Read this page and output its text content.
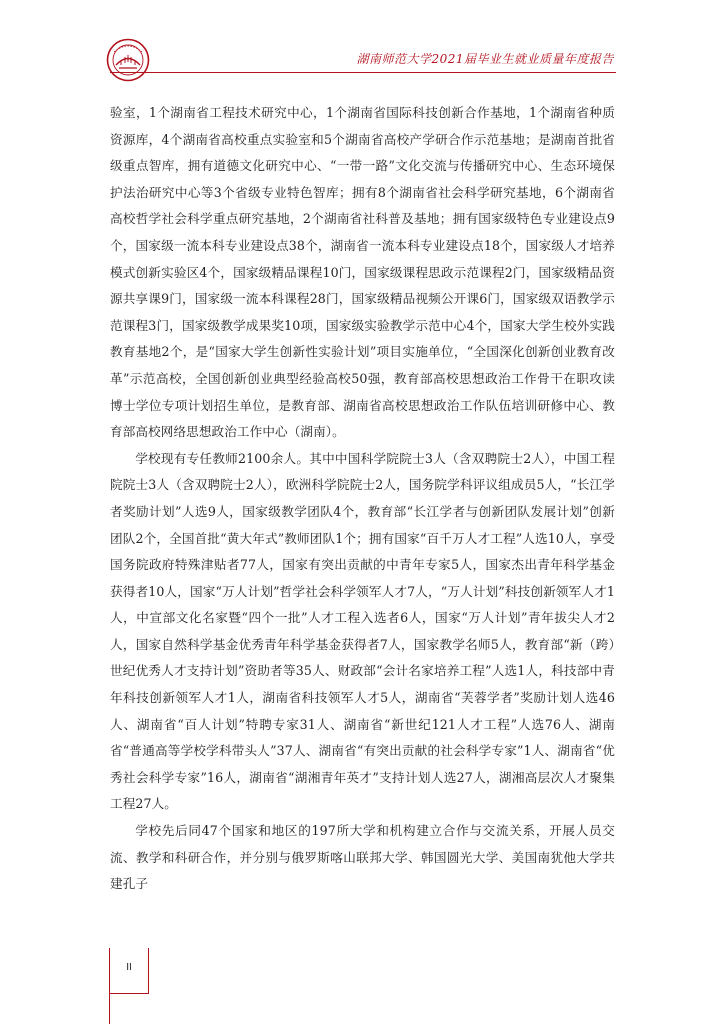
湖南师范大学2021届毕业生就业质量年度报告

验室，1个湖南省工程技术研究中心，1个湖南省国际科技创新合作基地，1个湖南省种质资源库，4个湖南省高校重点实验室和5个湖南省高校产学研合作示范基地；是湖南首批省级重点智库，拥有道德文化研究中心、“一带一路”文化交流与传播研究中心、生态环境保护法治研究中心等3个省级专业特色智库；拥有8个湖南省社会科学研究基地，6个湖南省高校哲学社会科学重点研究基地，2个湖南省社科普及基地；拥有国家级特色专业建设点9个，国家级一流本科专业建设点38个，湖南省一流本科专业建设点18个，国家级人才培养模式创新实验区4个，国家级精品课程10门，国家级课程思政示范课程2门，国家级精品资源共享课9门，国家级一流本科课程28门，国家级精品视频公开课6门，国家级双语教学示范课程3门，国家级教学成果奖10项，国家级实验教学示范中心4个，国家大学生校外实践教育基地2个，是“国家大学生创新性实验计划”项目实施单位，“全国深化创新创业教育改革”示范高校，全国创新创业典型经验高校50强，教育部高校思想政治工作骨干在职攻读博士学位专项计划招生单位，是教育部、湖南省高校思想政治工作队伍培训研修中心、教育部高校网络思想政治工作中心（湖南）。

学校现有专任教师2100余人。其中中国科学院院士3人（含双聘院士2人），中国工程院院士3人（含双聘院士2人），欧洲科学院院士2人，国务院学科评议组成员5人，“长江学者奖励计划”人选9人，国家级教学团队4个，教育部“长江学者与创新团队发展计划”创新团队2个，全国首批“黄大年式”教师团队1个；拥有国家“百千万人才工程”人选10人，享受国务院政府特殊津贴者77人，国家有突出贡献的中青年专家5人，国家杰出青年科学基金获得者10人，国家“万人计划”哲学社会科学领军人才7人，“万人计划”科技创新领军人才1人，中宣部文化名家暨“四个一批”人才工程入选者6人，国家“万人计划”青年拔尖人才2人，国家自然科学基金优秀青年科学基金获得者7人，国家教学名师5人，教育部“新（跨）世纪优秀人才支持计划”资助者等35人、财政部“会计名家培养工程”人选1人，科技部中青年科技创新领军人才1人，湖南省科技领军人才5人，湖南省“芙蓉学者”奖励计划人选46人、湖南省“百人计划”特聘专家31人、湖南省“新世纪121人才工程”人选76人、湖南省“普通高等学校学科带头人”37人、湖南省“有突出贡献的社会科学专家”1人、湖南省“优秀社会科学专家”16人，湖南省“湖湘青年英才”支持计划人选27人，湖湘高层次人才聚集工程27人。

学校先后同47个国家和地区的197所大学和机构建立合作与交流关系，开展人员交流、教学和科研合作，并分别与俄罗斯喀山联邦大学、韩国圆光大学、美国南犹他大学共建孔子

II
